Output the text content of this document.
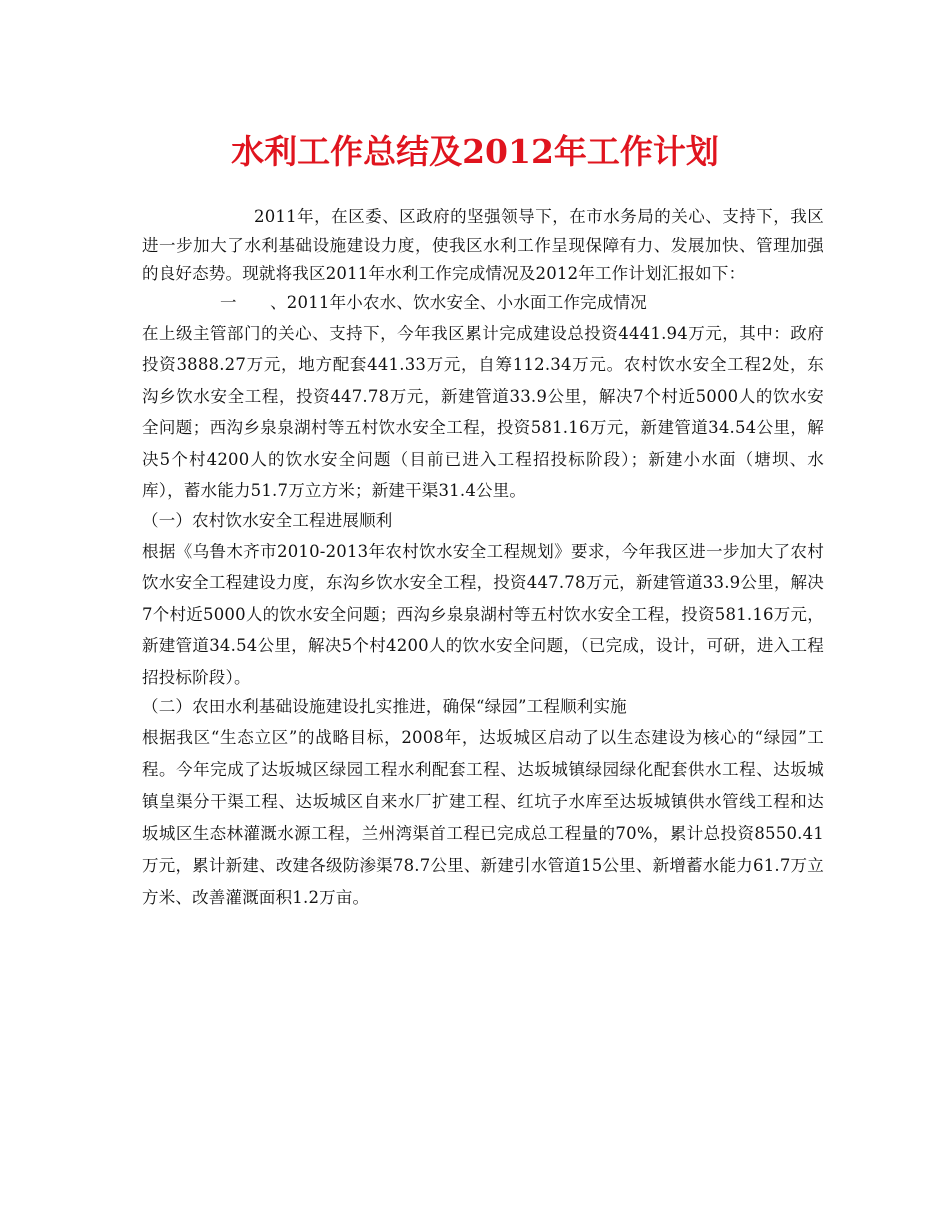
水利工作总结及2012年工作计划

2011年，在区委、区政府的坚强领导下，在市水务局的关心、支持下，我区进一步加大了水利基础设施建设力度，使我区水利工作呈现保障有力、发展加快、管理加强的良好态势。现就将我区2011年水利工作完成情况及2012年工作计划汇报如下：

一　　、2011年小农水、饮水安全、小水面工作完成情况

在上级主管部门的关心、支持下，今年我区累计完成建设总投资4441.94万元，其中：政府投资3888.27万元，地方配套441.33万元，自筹112.34万元。农村饮水安全工程2处，东沟乡饮水安全工程，投资447.78万元，新建管道33.9公里，解决7个村近5000人的饮水安全问题；西沟乡泉泉湖村等五村饮水安全工程，投资581.16万元，新建管道34.54公里，解决5个村4200人的饮水安全问题（目前已进入工程招投标阶段）；新建小水面（塘坝、水库），蓄水能力51.7万立方米；新建干渠31.4公里。

（一）农村饮水安全工程进展顺利

根据《乌鲁木齐市2010-2013年农村饮水安全工程规划》要求，今年我区进一步加大了农村饮水安全工程建设力度，东沟乡饮水安全工程，投资447.78万元，新建管道33.9公里，解决7个村近5000人的饮水安全问题；西沟乡泉泉湖村等五村饮水安全工程，投资581.16万元，新建管道34.54公里，解决5个村4200人的饮水安全问题，（已完成，设计，可研，进入工程招投标阶段）。

（二）农田水利基础设施建设扎实推进，确保“绿园”工程顺利实施

根据我区“生态立区”的战略目标，2008年，达坂城区启动了以生态建设为核心的“绿园”工程。今年完成了达坂城区绿园工程水利配套工程、达坂城镇绿园绿化配套供水工程、达坂城镇皇渠分干渠工程、达坂城区自来水厂扩建工程、红坑子水库至达坂城镇供水管线工程和达坂城区生态林灌溉水源工程，兰州湾渠首工程已完成总工程量的70%，累计总投资8550.41万元，累计新建、改建各级防渗渠78.7公里、新建引水管道15公里、新增蓄水能力61.7万立方米、改善灌溉面积1.2万亩。
